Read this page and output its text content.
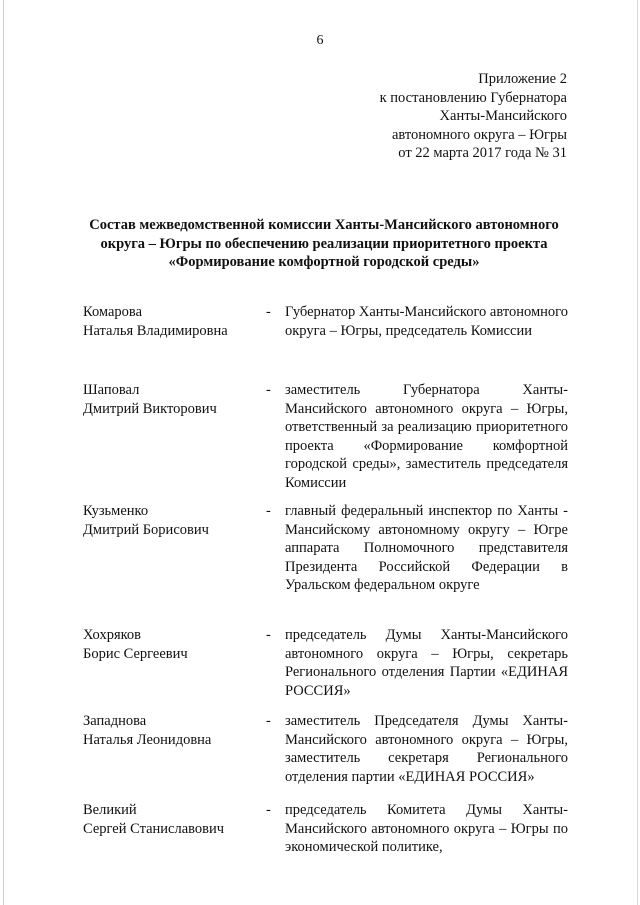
6
Приложение 2
к постановлению Губернатора
Ханты-Мансийского
автономного округа – Югры
от 22 марта 2017 года № 31
Состав межведомственной комиссии Ханты-Мансийского автономного округа – Югры по обеспечению реализации приоритетного проекта «Формирование комфортной городской среды»
Комарова
Наталья Владимировна
- Губернатор Ханты-Мансийского автономного округа – Югры, председатель Комиссии
Шаповал
Дмитрий Викторович
- заместитель Губернатора Ханты-Мансийского автономного округа – Югры, ответственный за реализацию приоритетного проекта «Формирование комфортной городской среды», заместитель председателя Комиссии
Кузьменко
Дмитрий Борисович
- главный федеральный инспектор по Ханты - Мансийскому автономному округу – Югре аппарата Полномочного представителя Президента Российской Федерации в Уральском федеральном округе
Хохряков
Борис Сергеевич
- председатель Думы Ханты-Мансийского автономного округа – Югры, секретарь Регионального отделения Партии «ЕДИНАЯ РОССИЯ»
Западнова
Наталья Леонидовна
- заместитель Председателя Думы Ханты-Мансийского автономного округа – Югры, заместитель секретаря Регионального отделения партии «ЕДИНАЯ РОССИЯ»
Великий
Сергей Станиславович
- председатель Комитета Думы Ханты-Мансийского автономного округа – Югры по экономической политике,
